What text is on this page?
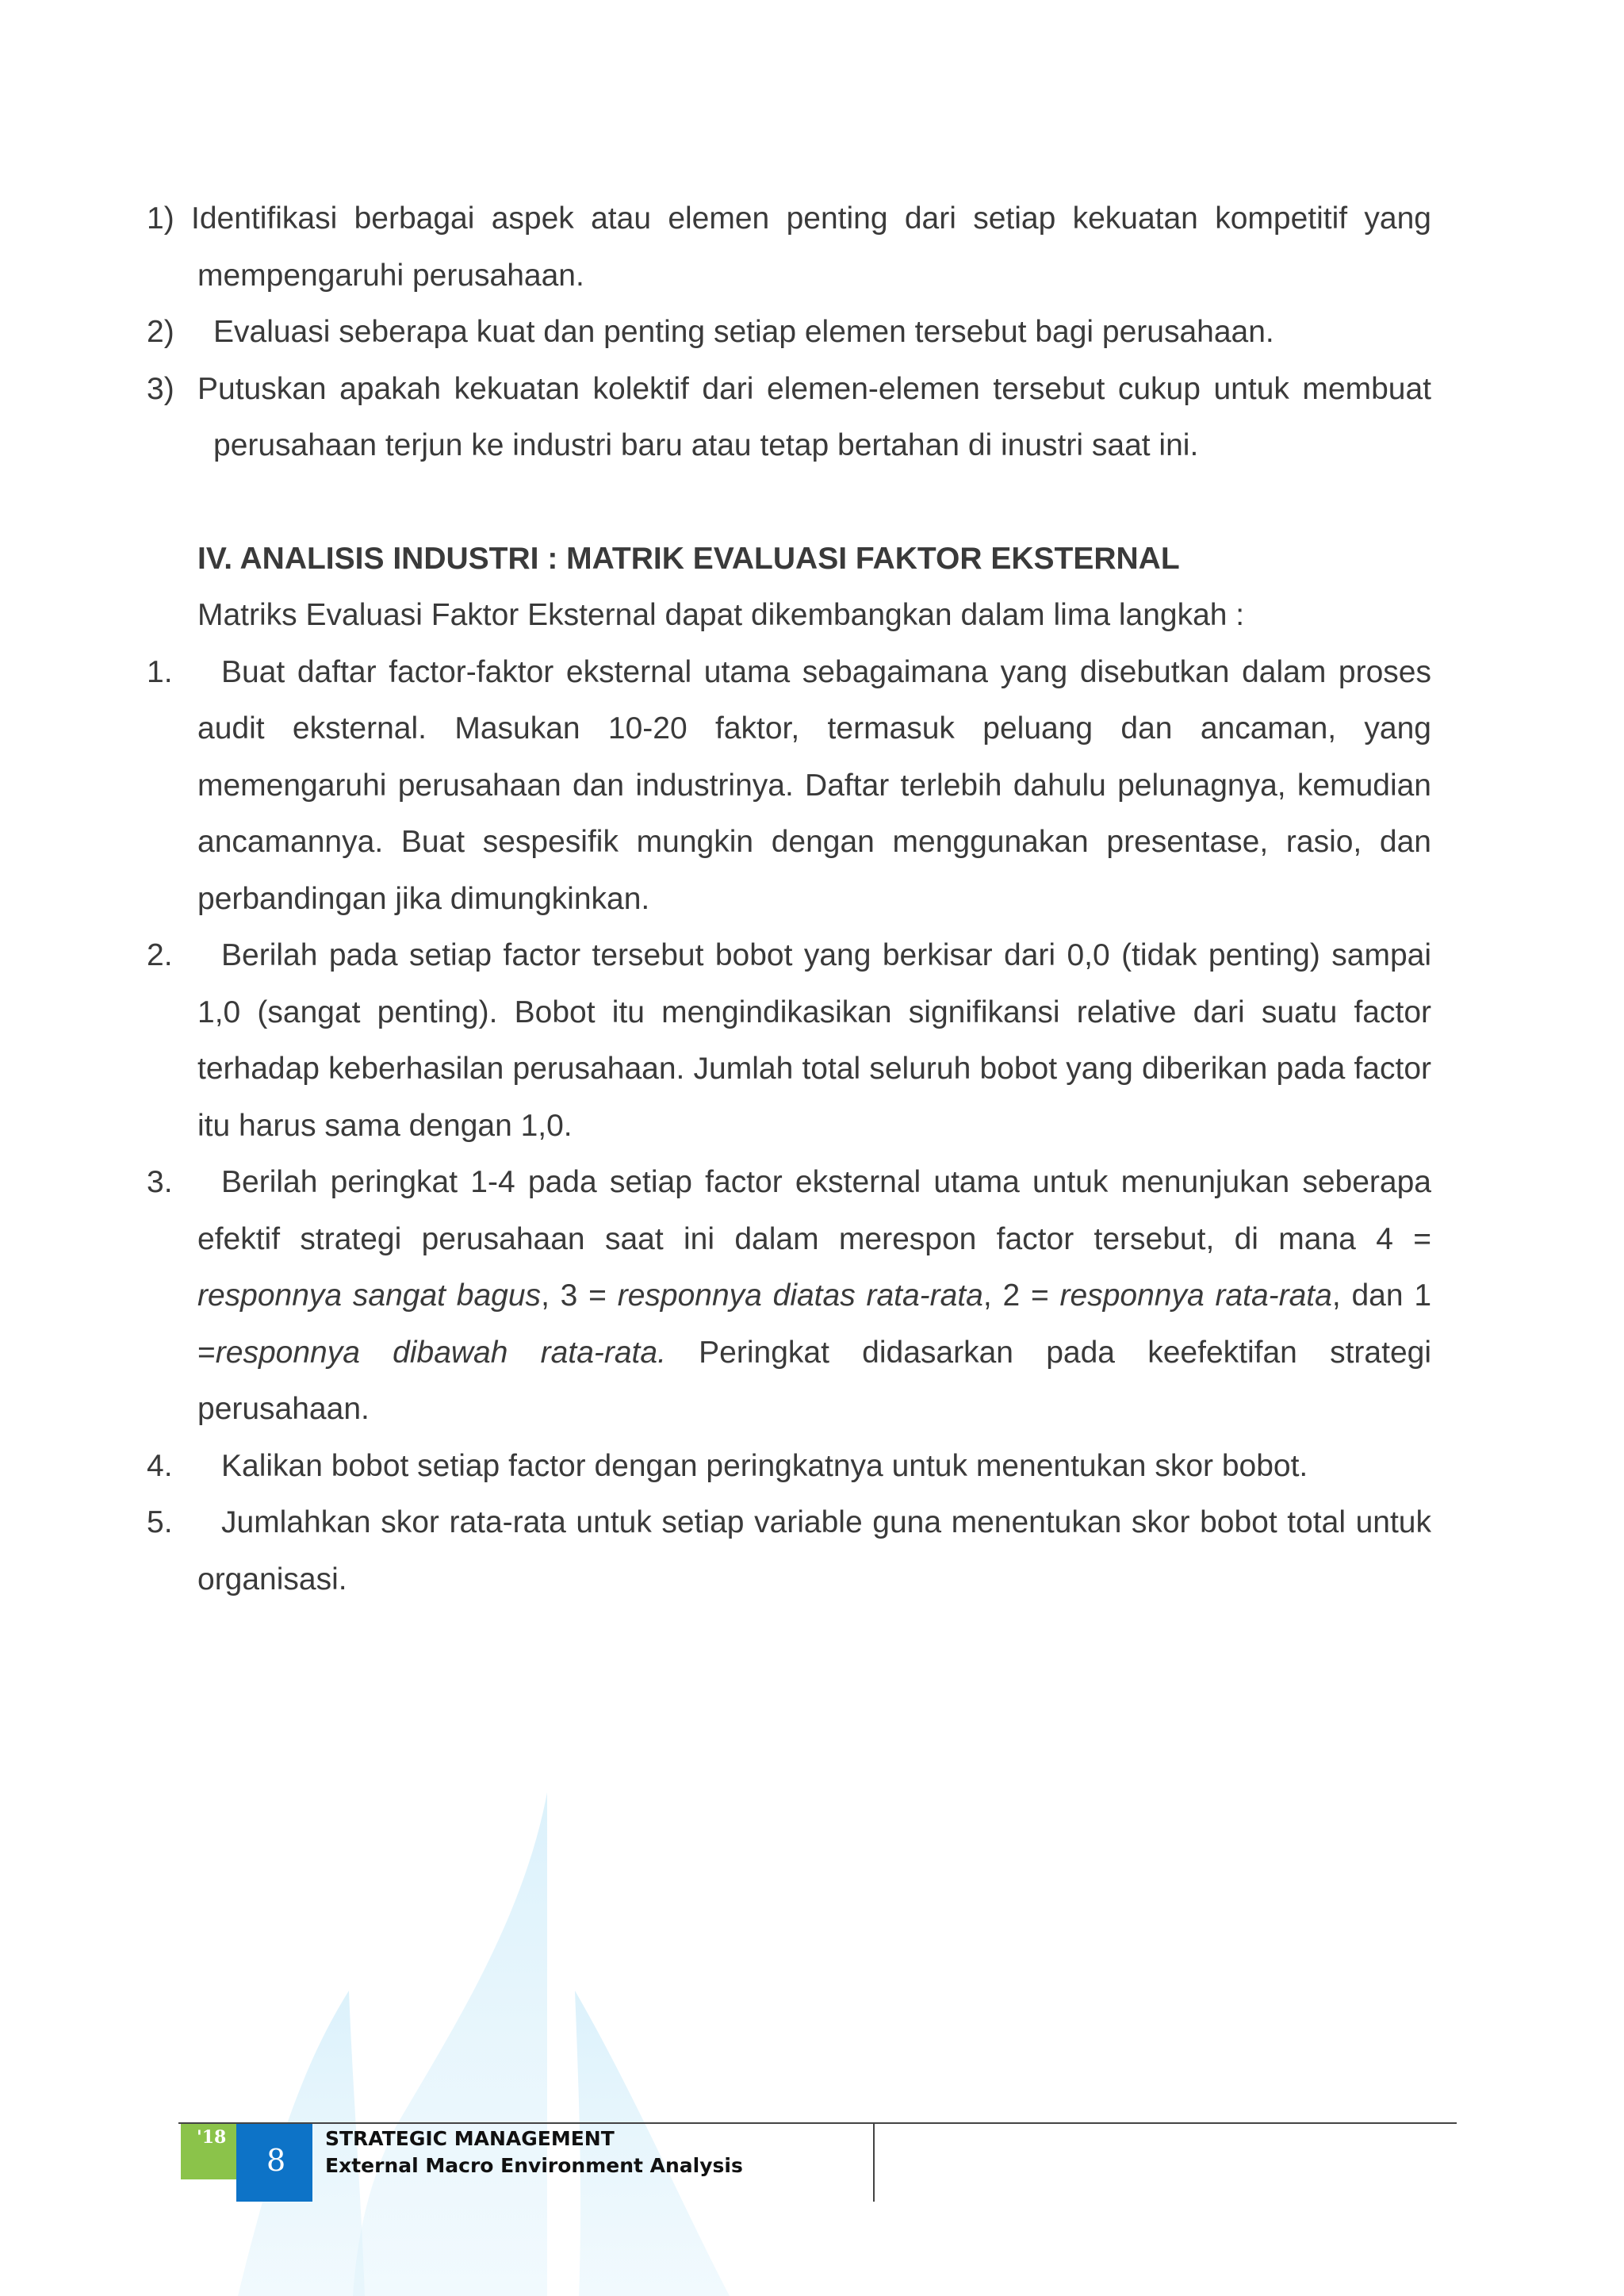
1) Identifikasi berbagai aspek atau elemen penting dari setiap kekuatan kompetitif yang mempengaruhi perusahaan.
2)	Evaluasi seberapa kuat dan penting setiap elemen tersebut bagi perusahaan.
3) Putuskan apakah kekuatan kolektif dari elemen-elemen tersebut cukup untuk membuat perusahaan terjun ke industri baru atau tetap bertahan di inustri saat ini.
IV. ANALISIS INDUSTRI : MATRIK EVALUASI FAKTOR EKSTERNAL
Matriks Evaluasi Faktor Eksternal dapat dikembangkan dalam lima langkah :
1.	Buat daftar factor-faktor eksternal utama sebagaimana yang disebutkan dalam proses audit eksternal. Masukan 10-20 faktor, termasuk peluang dan ancaman, yang memengaruhi perusahaan dan industrinya. Daftar terlebih dahulu pelunagnya, kemudian ancamannya. Buat sespesifik mungkin dengan menggunakan presentase, rasio, dan perbandingan jika dimungkinkan.
2.	Berilah pada setiap factor tersebut bobot yang berkisar dari 0,0 (tidak penting) sampai 1,0 (sangat penting). Bobot itu mengindikasikan signifikansi relative dari suatu factor terhadap keberhasilan perusahaan. Jumlah total seluruh bobot yang diberikan pada factor itu harus sama dengan 1,0.
3.	Berilah peringkat 1-4 pada setiap factor eksternal utama untuk menunjukan seberapa efektif strategi perusahaan saat ini dalam merespon factor tersebut, di mana 4 = responnya sangat bagus, 3 = responnya diatas rata-rata, 2 = responnya rata-rata, dan 1 =responnya dibawah rata-rata. Peringkat didasarkan pada keefektifan strategi perusahaan.
4.	Kalikan bobot setiap factor dengan peringkatnya untuk menentukan skor bobot.
5.	Jumlahkan skor rata-rata untuk setiap variable guna menentukan skor bobot total untuk organisasi.
'18
8
STRATEGIC MANAGEMENT
External Macro Environment Analysis
